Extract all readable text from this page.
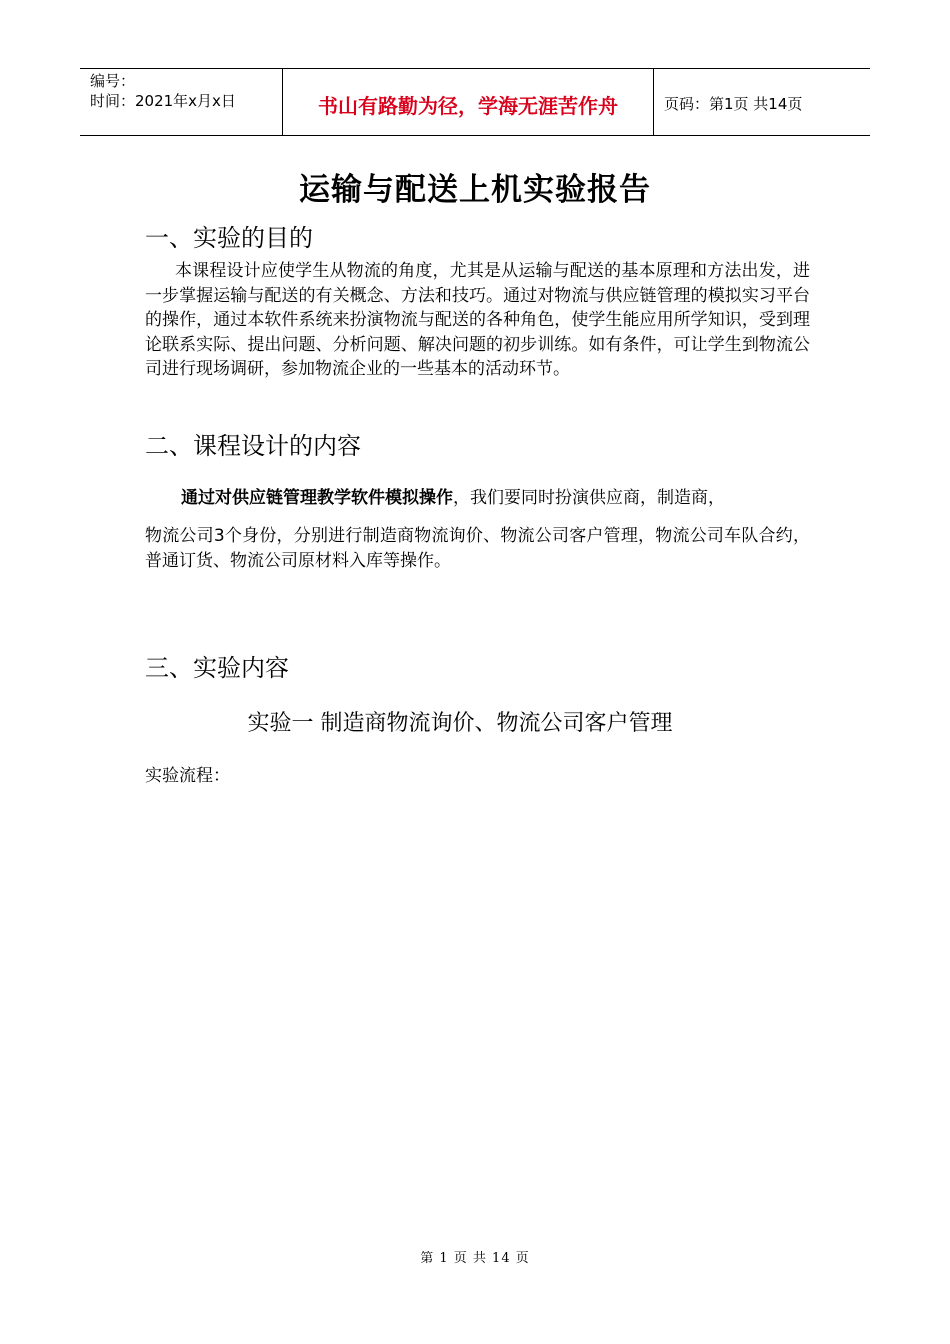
编号：
时间：2021年x月x日	书山有路勤为径，学海无涯苦作舟	页码：第1页 共14页
运输与配送上机实验报告
一、实验的目的
本课程设计应使学生从物流的角度，尤其是从运输与配送的基本原理和方法出发，进一步掌握运输与配送的有关概念、方法和技巧。通过对物流与供应链管理的模拟实习平台的操作，通过本软件系统来扮演物流与配送的各种角色，使学生能应用所学知识，受到理论联系实际、提出问题、分析问题、解决问题的初步训练。如有条件，可让学生到物流公司进行现场调研，参加物流企业的一些基本的活动环节。
二、课程设计的内容
通过对供应链管理教学软件模拟操作，我们要同时扮演供应商，制造商，
物流公司3个身份，分别进行制造商物流询价、物流公司客户管理，物流公司车队合约，普通订货、物流公司原材料入库等操作。
三、实验内容
实验一 制造商物流询价、物流公司客户管理
实验流程：
第 1 页 共 14 页
